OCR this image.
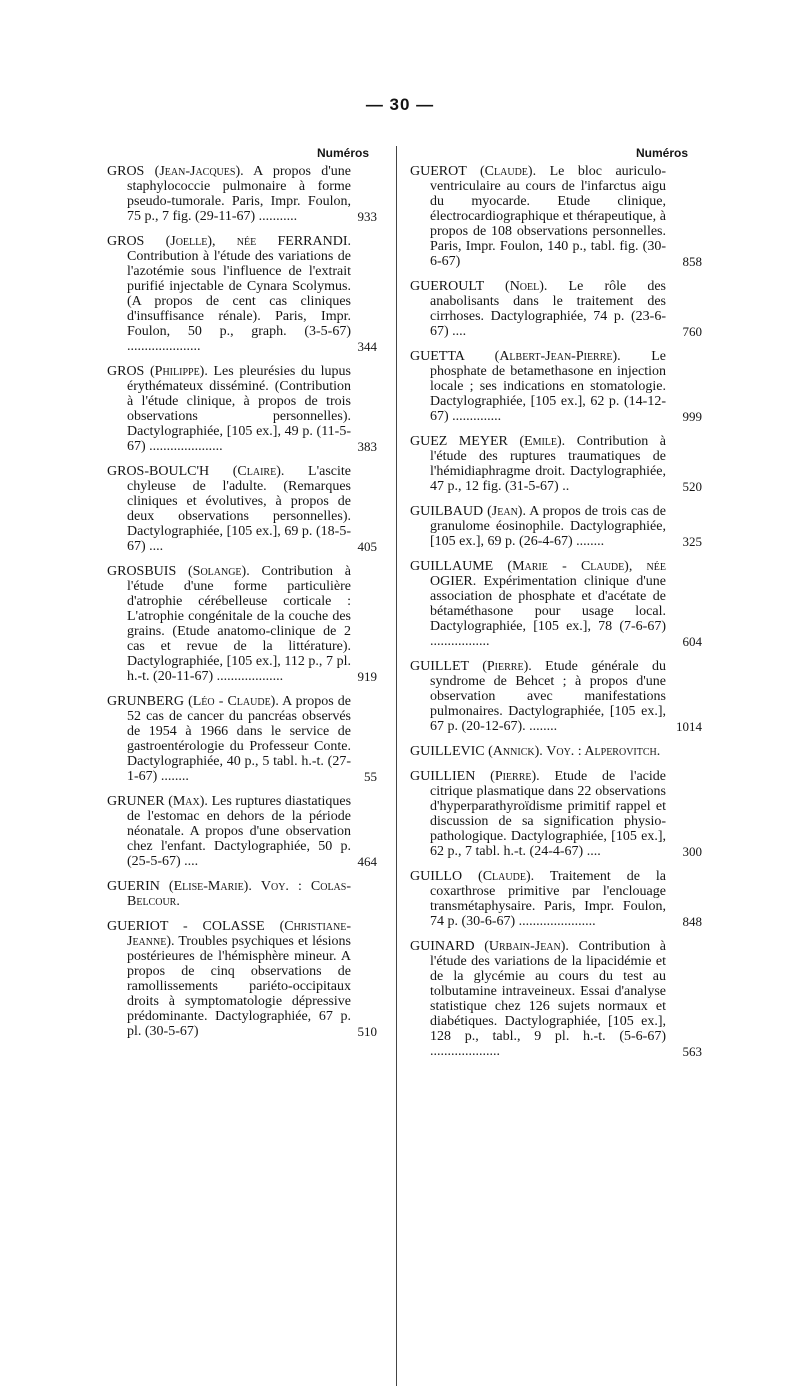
— 30 —
Numéros
GROS (Jean-Jacques). A propos d'une staphylococcie pulmonaire à forme pseudo-tumorale. Paris, Impr. Foulon, 75 p., 7 fig. (29-11-67) ...........	933
GROS (Joelle), née FERRANDI. Contribution à l'étude des variations de l'azotémie sous l'influence de l'extrait purifié injectable de Cynara Scolymus. (A propos de cent cas cliniques d'insuffisance rénale). Paris, Impr. Foulon, 50 p., graph. (3-5-67) .....................	344
GROS (Philippe). Les pleurésies du lupus érythémateux disséminé. (Contribution à l'étude clinique, à propos de trois observations personnelles). Dactylographiée, [105 ex.], 49 p. (11-5-67) .....................	383
GROS-BOULC'H (Claire). L'ascite chyleuse de l'adulte. (Remarques cliniques et évolutives, à propos de deux observations personnelles). Dactylographiée, [105 ex.], 69 p. (18-5-67) ....	405
GROSBUIS (Solange). Contribution à l'étude d'une forme particulière d'atrophie cérébelleuse corticale : L'atrophie congénitale de la couche des grains. (Etude anatomo-clinique de 2 cas et revue de la littérature). Dactylographiée, [105 ex.], 112 p., 7 pl. h.-t. (20-11-67) ...................	919
GRUNBERG (Léo - Claude). A propos de 52 cas de cancer du pancréas observés de 1954 à 1966 dans le service de gastroentérologie du Professeur Conte. Dactylographiée, 40 p., 5 tabl. h.-t. (27-1-67) ........	55
GRUNER (Max). Les ruptures diastatiques de l'estomac en dehors de la période néonatale. A propos d'une observation chez l'enfant. Dactylographiée, 50 p. (25-5-67) ....	464
GUERIN (Elise-Marie). Voy. : Colas-Belcour.
GUERIOT - COLASSE (Christiane-Jeanne). Troubles psychiques et lésions postérieures de l'hémisphère mineur. A propos de cinq observations de ramollissements pariéto-occipitaux droits à symptomatologie dépressive prédominante. Dactylographiée, 67 p. pl. (30-5-67)	510
Numéros
GUEROT (Claude). Le bloc auriculo-ventriculaire au cours de l'infarctus aigu du myocarde. Etude clinique, électrocardiographique et thérapeutique, à propos de 108 observations personnelles. Paris, Impr. Foulon, 140 p., tabl. fig. (30-6-67)	858
GUEROULT (Noel). Le rôle des anabolisants dans le traitement des cirrhoses. Dactylographiée, 74 p. (23-6-67) ....	760
GUETTA (Albert-Jean-Pierre). Le phosphate de betamethasone en injection locale ; ses indications en stomatologie. Dactylographiée, [105 ex.], 62 p. (14-12-67) ..............	999
GUEZ MEYER (Emile). Contribution à l'étude des ruptures traumatiques de l'hémidiaphragme droit. Dactylographiée, 47 p., 12 fig. (31-5-67) ..	520
GUILBAUD (Jean). A propos de trois cas de granulome éosinophile. Dactylographiée, [105 ex.], 69 p. (26-4-67) ........	325
GUILLAUME (Marie - Claude), née OGIER. Expérimentation clinique d'une association de phosphate et d'acétate de bétaméthasone pour usage local. Dactylographiée, [105 ex.], 78 (7-6-67) .................	604
GUILLET (Pierre). Etude générale du syndrome de Behcet ; à propos d'une observation avec manifestations pulmonaires. Dactylographiée, [105 ex.], 67 p. (20-12-67). ........	1014
GUILLEVIC (Annick). Voy. : Alperovitch.
GUILLIEN (Pierre). Etude de l'acide citrique plasmatique dans 22 observations d'hyperparathyroïdisme primitif rappel et discussion de sa signification physio-pathologique. Dactylographiée, [105 ex.], 62 p., 7 tabl. h.-t. (24-4-67) ....	300
GUILLO (Claude). Traitement de la coxarthrose primitive par l'enclouage transmétaphysaire. Paris, Impr. Foulon, 74 p. (30-6-67) ......................	848
GUINARD (Urbain-Jean). Contribution à l'étude des variations de la lipacidémie et de la glycémie au cours du test au tolbutamine intraveineux. Essai d'analyse statistique chez 126 sujets normaux et diabétiques. Dactylographiée, [105 ex.], 128 p., tabl., 9 pl. h.-t. (5-6-67) ....................	563
